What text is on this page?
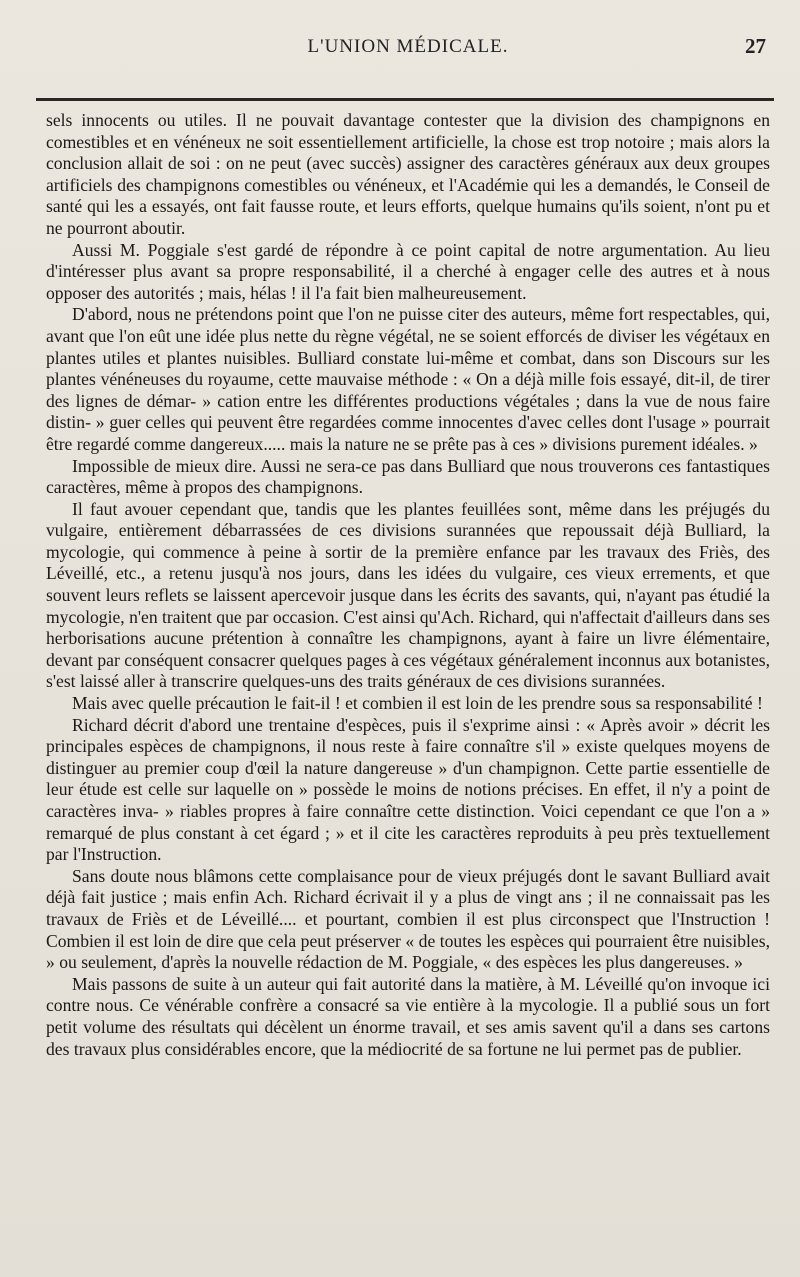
L'UNION MÉDICALE.	27

sels innocents ou utiles. Il ne pouvait davantage contester que la division des champignons en comestibles et en vénéneux ne soit essentiellement artificielle, la chose est trop notoire ; mais alors la conclusion allait de soi : on ne peut (avec succès) assigner des caractères généraux aux deux groupes artificiels des champignons comestibles ou vénéneux, et l'Académie qui les a demandés, le Conseil de santé qui les a essayés, ont fait fausse route, et leurs efforts, quelque humains qu'ils soient, n'ont pu et ne pourront aboutir.

Aussi M. Poggiale s'est gardé de répondre à ce point capital de notre argumentation. Au lieu d'intéresser plus avant sa propre responsabilité, il a cherché à engager celle des autres et à nous opposer des autorités ; mais, hélas ! il l'a fait bien malheureusement.

D'abord, nous ne prétendons point que l'on ne puisse citer des auteurs, même fort respectables, qui, avant que l'on eût une idée plus nette du règne végétal, ne se soient efforcés de diviser les végétaux en plantes utiles et plantes nuisibles. Bulliard constate lui-même et combat, dans son Discours sur les plantes vénéneuses du royaume, cette mauvaise méthode : « On a déjà mille fois essayé, dit-il, de tirer des lignes de démar- » cation entre les différentes productions végétales ; dans la vue de nous faire distin- » guer celles qui peuvent être regardées comme innocentes d'avec celles dont l'usage » pourrait être regardé comme dangereux..... mais la nature ne se prête pas à ces » divisions purement idéales. »

Impossible de mieux dire. Aussi ne sera-ce pas dans Bulliard que nous trouverons ces fantastiques caractères, même à propos des champignons.

Il faut avouer cependant que, tandis que les plantes feuillées sont, même dans les préjugés du vulgaire, entièrement débarrassées de ces divisions surannées que repoussait déjà Bulliard, la mycologie, qui commence à peine à sortir de la première enfance par les travaux des Friès, des Léveillé, etc., a retenu jusqu'à nos jours, dans les idées du vulgaire, ces vieux errements, et que souvent leurs reflets se laissent apercevoir jusque dans les écrits des savants, qui, n'ayant pas étudié la mycologie, n'en traitent que par occasion. C'est ainsi qu'Ach. Richard, qui n'affectait d'ailleurs dans ses herborisations aucune prétention à connaître les champignons, ayant à faire un livre élémentaire, devant par conséquent consacrer quelques pages à ces végétaux généralement inconnus aux botanistes, s'est laissé aller à transcrire quelques-uns des traits généraux de ces divisions surannées.

Mais avec quelle précaution le fait-il ! et combien il est loin de les prendre sous sa responsabilité !

Richard décrit d'abord une trentaine d'espèces, puis il s'exprime ainsi : « Après avoir » décrit les principales espèces de champignons, il nous reste à faire connaître s'il » existe quelques moyens de distinguer au premier coup d'œil la nature dangereuse » d'un champignon. Cette partie essentielle de leur étude est celle sur laquelle on » possède le moins de notions précises. En effet, il n'y a point de caractères inva- » riables propres à faire connaître cette distinction. Voici cependant ce que l'on a » remarqué de plus constant à cet égard ; » et il cite les caractères reproduits à peu près textuellement par l'Instruction.

Sans doute nous blâmons cette complaisance pour de vieux préjugés dont le savant Bulliard avait déjà fait justice ; mais enfin Ach. Richard écrivait il y a plus de vingt ans ; il ne connaissait pas les travaux de Friès et de Léveillé.... et pourtant, combien il est plus circonspect que l'Instruction ! Combien il est loin de dire que cela peut préserver « de toutes les espèces qui pourraient être nuisibles, » ou seulement, d'après la nouvelle rédaction de M. Poggiale, « des espèces les plus dangereuses. »

Mais passons de suite à un auteur qui fait autorité dans la matière, à M. Léveillé qu'on invoque ici contre nous. Ce vénérable confrère a consacré sa vie entière à la mycologie. Il a publié sous un fort petit volume des résultats qui décèlent un énorme travail, et ses amis savent qu'il a dans ses cartons des travaux plus considérables encore, que la médiocrité de sa fortune ne lui permet pas de publier.
